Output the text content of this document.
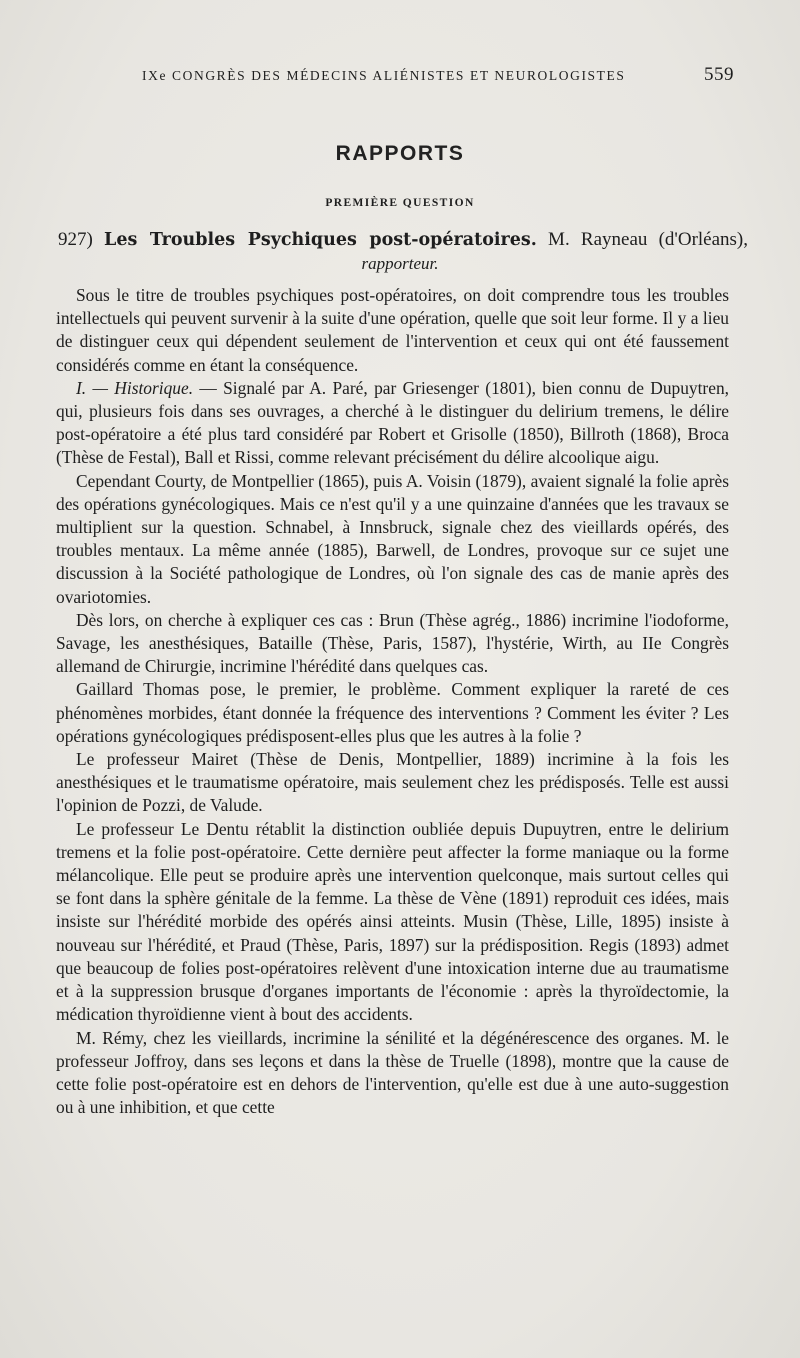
IXe CONGRÈS DES MÉDECINS ALIÉNISTES ET NEUROLOGISTES	559
RAPPORTS
PREMIÈRE QUESTION
927) Les Troubles Psychiques post-opératoires. M. Rayneau (d'Orléans),
rapporteur.

Sous le titre de troubles psychiques post-opératoires, on doit comprendre tous les troubles intellectuels qui peuvent survenir à la suite d'une opération, quelle que soit leur forme. Il y a lieu de distinguer ceux qui dépendent seulement de l'intervention et ceux qui ont été faussement considérés comme en étant la conséquence.

I. — Historique. — Signalé par A. Paré, par Griesenger (1801), bien connu de Dupuytren, qui, plusieurs fois dans ses ouvrages, a cherché à le distinguer du delirium tremens, le délire post-opératoire a été plus tard considéré par Robert et Grisolle (1850), Billroth (1868), Broca (Thèse de Festal), Ball et Rissi, comme relevant précisément du délire alcoolique aigu.

Cependant Courty, de Montpellier (1865), puis A. Voisin (1879), avaient signalé la folie après des opérations gynécologiques. Mais ce n'est qu'il y a une quinzaine d'années que les travaux se multiplient sur la question. Schnabel, à Innsbruck, signale chez des vieillards opérés, des troubles mentaux. La même année (1885), Barwell, de Londres, provoque sur ce sujet une discussion à la Société pathologique de Londres, où l'on signale des cas de manie après des ovariotomies.

Dès lors, on cherche à expliquer ces cas : Brun (Thèse agrég., 1886) incrimine l'iodoforme, Savage, les anesthésiques, Bataille (Thèse, Paris, 1587), l'hystérie, Wirth, au IIe Congrès allemand de Chirurgie, incrimine l'hérédité dans quelques cas.

Gaillard Thomas pose, le premier, le problème. Comment expliquer la rareté de ces phénomènes morbides, étant donnée la fréquence des interventions ? Comment les éviter ? Les opérations gynécologiques prédisposent-elles plus que les autres à la folie ?

Le professeur Mairet (Thèse de Denis, Montpellier, 1889) incrimine à la fois les anesthésiques et le traumatisme opératoire, mais seulement chez les prédisposés. Telle est aussi l'opinion de Pozzi, de Valude.

Le professeur Le Dentu rétablit la distinction oubliée depuis Dupuytren, entre le delirium tremens et la folie post-opératoire. Cette dernière peut affecter la forme maniaque ou la forme mélancolique. Elle peut se produire après une intervention quelconque, mais surtout celles qui se font dans la sphère génitale de la femme. La thèse de Vène (1891) reproduit ces idées, mais insiste sur l'hérédité morbide des opérés ainsi atteints. Musin (Thèse, Lille, 1895) insiste à nouveau sur l'hérédité, et Praud (Thèse, Paris, 1897) sur la prédisposition. Regis (1893) admet que beaucoup de folies post-opératoires relèvent d'une intoxication interne due au traumatisme et à la suppression brusque d'organes importants de l'économie : après la thyroïdectomie, la médication thyroïdienne vient à bout des accidents.

M. Rémy, chez les vieillards, incrimine la sénilité et la dégénérescence des organes. M. le professeur Joffroy, dans ses leçons et dans la thèse de Truelle (1898), montre que la cause de cette folie post-opératoire est en dehors de l'intervention, qu'elle est due à une auto-suggestion ou à une inhibition, et que cette
